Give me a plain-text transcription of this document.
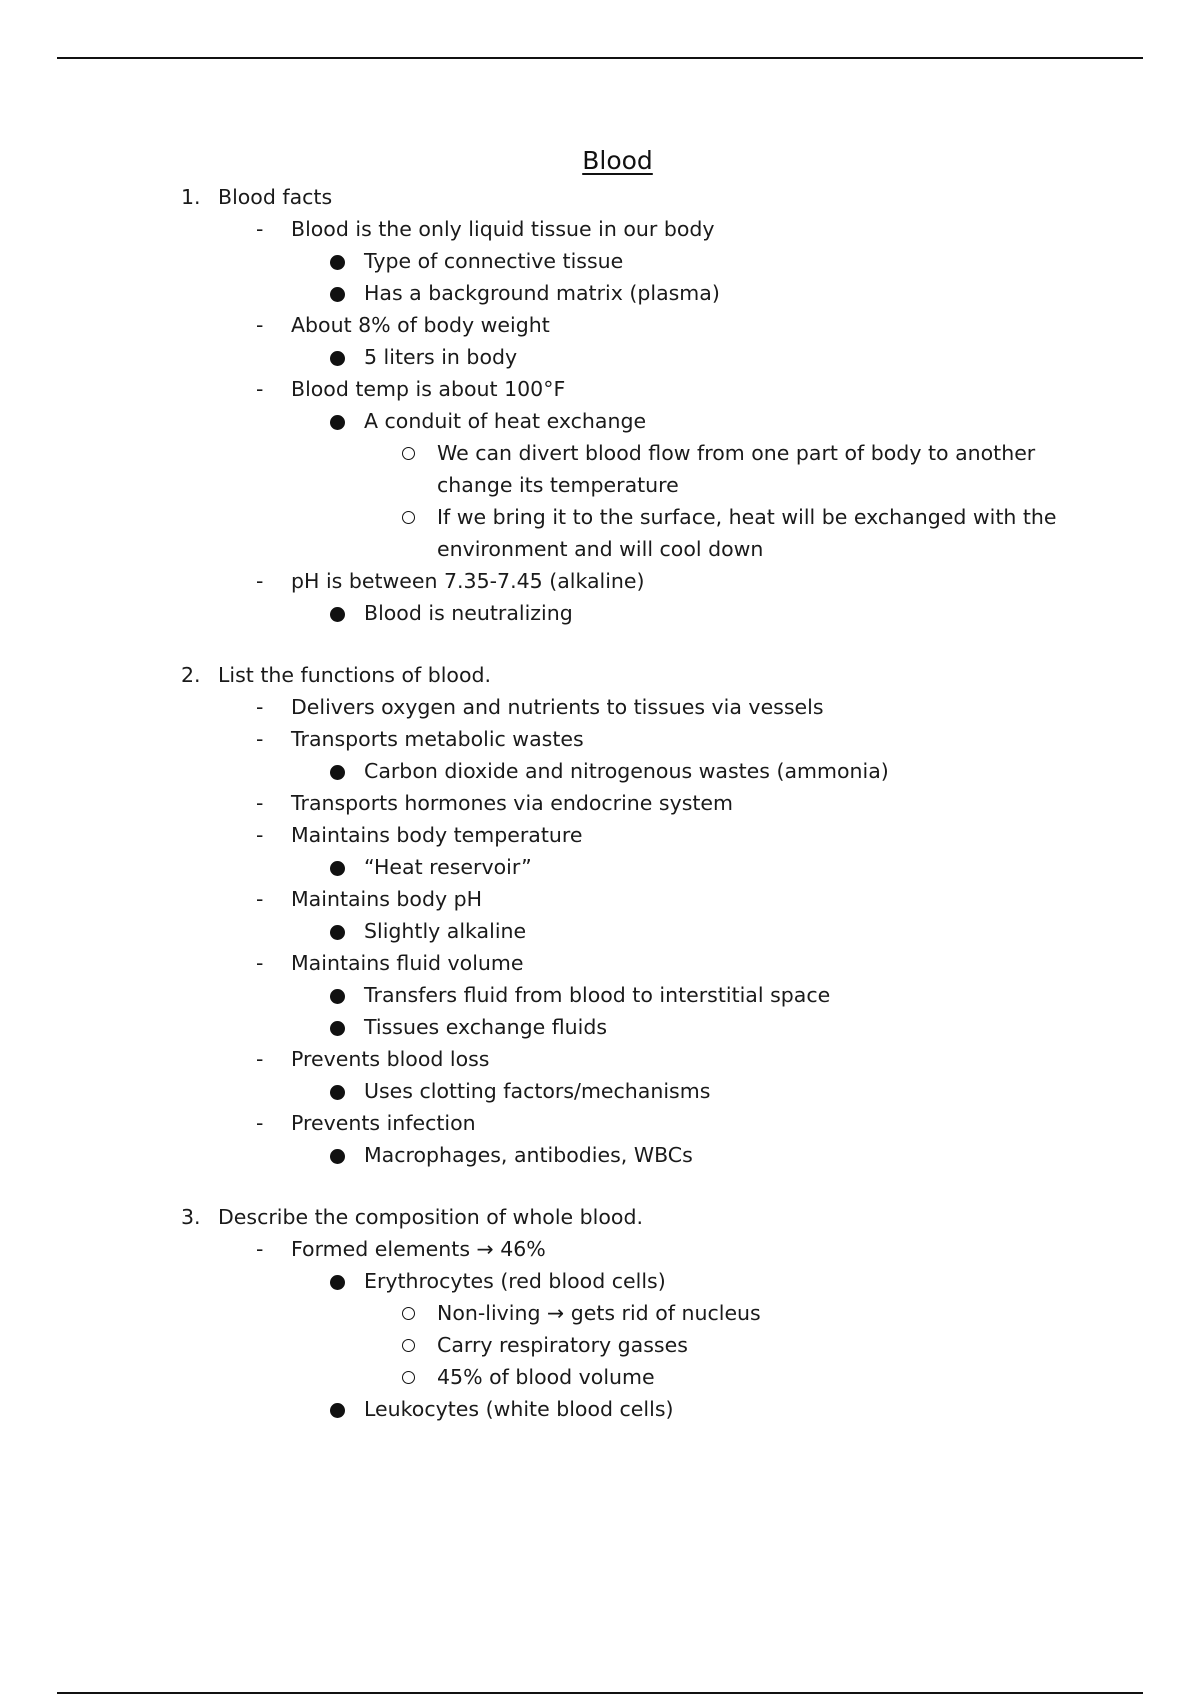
Blood
1. Blood facts
-	Blood is the only liquid tissue in our body
Type of connective tissue
Has a background matrix (plasma)
-	About 8% of body weight
5 liters in body
-	Blood temp is about 100°F
A conduit of heat exchange
We can divert blood flow from one part of body to another change its temperature
If we bring it to the surface, heat will be exchanged with the environment and will cool down
-	pH is between 7.35-7.45 (alkaline)
Blood is neutralizing
2. List the functions of blood.
-	Delivers oxygen and nutrients to tissues via vessels
-	Transports metabolic wastes
Carbon dioxide and nitrogenous wastes (ammonia)
-	Transports hormones via endocrine system
-	Maintains body temperature
“Heat reservoir”
-	Maintains body pH
Slightly alkaline
-	Maintains fluid volume
Transfers fluid from blood to interstitial space
Tissues exchange fluids
-	Prevents blood loss
Uses clotting factors/mechanisms
-	Prevents infection
Macrophages, antibodies, WBCs
3. Describe the composition of whole blood.
-	Formed elements → 46%
Erythrocytes (red blood cells)
Non-living → gets rid of nucleus
Carry respiratory gasses
45% of blood volume
Leukocytes (white blood cells)
